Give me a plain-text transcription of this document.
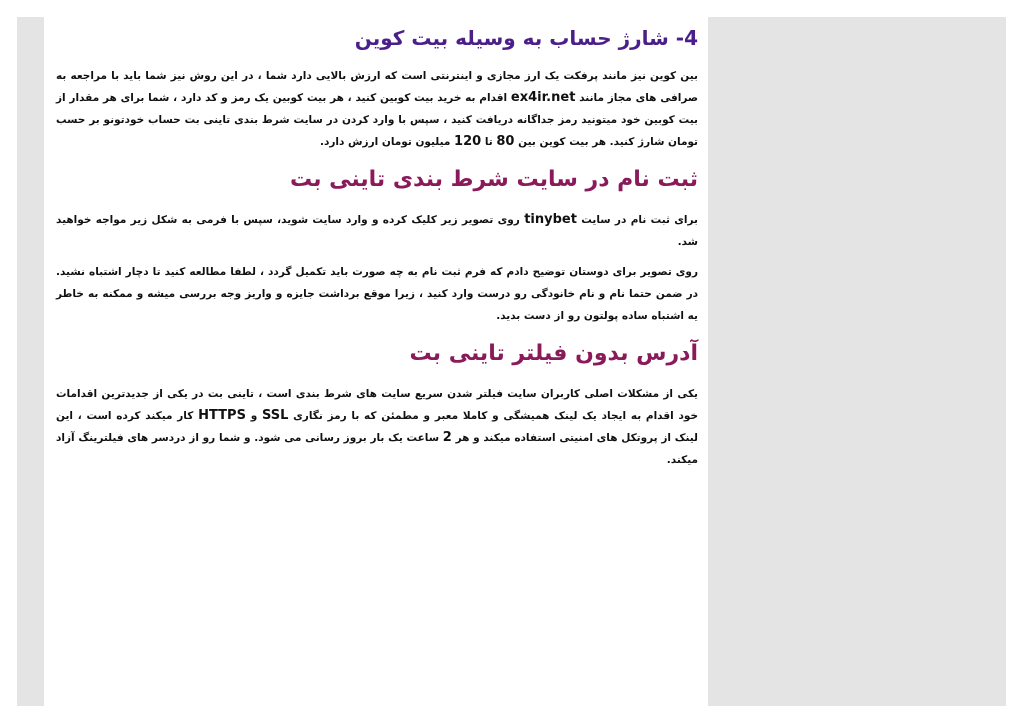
4- شارژ حساب به وسیله بیت کوین

بین کوین نیز مانند پرفکت یک ارز مجازی و اینترنتی است که ارزش بالایی دارد شما ، در این روش نیز شما باید با مراجعه به صرافی های مجاز مانند ex4ir.net اقدام به خرید بیت کوبین کنید ، هر بیت کوبین یک رمز و کد دارد ، شما برای هر مقدار از بیت کوبین خود میتونید رمز جداگانه دریافت کنید ، سپس با وارد کردن در سایت شرط بندی تاینی بت حساب خودتونو بر حسب تومان شارژ کنید. هر بیت کوین بین 80 تا 120 میلیون تومان ارزش دارد.

ثبت نام در سایت شرط بندی تاینی بت

برای ثبت نام در سایت tinybet روی تصویر زیر کلیک کرده و وارد سایت شوید، سپس با فرمی به شکل زیر مواجه خواهید شد.

روی تصویر برای دوستان توضیح دادم که فرم ثبت نام به چه صورت باید تکمیل گردد ، لطفا مطالعه کنید تا دچار اشتباه نشید. در ضمن حتما نام و نام خانودگی رو درست وارد کنید ، زیرا موقع برداشت جایزه و واریز وجه بررسی میشه و ممکنه به خاطر یه اشتباه ساده پولتون رو از دست بدید.

آدرس بدون فیلتر تاینی بت

یکی از مشکلات اصلی کاربران سایت فیلتر شدن سریع سایت های شرط بندی است ، تاینی بت در یکی از جدیدترین اقدامات خود اقدام به ایجاد یک لینک همیشگی و کاملا معبر و مطمئن که با رمز نگاری SSL و HTTPS کار میکند کرده است ، این لینک از پروتکل های امنیتی استفاده میکند و هر 2 ساعت یک بار بروز رسانی می شود. و شما رو از دردسر های فیلترینگ آزاد میکند.
